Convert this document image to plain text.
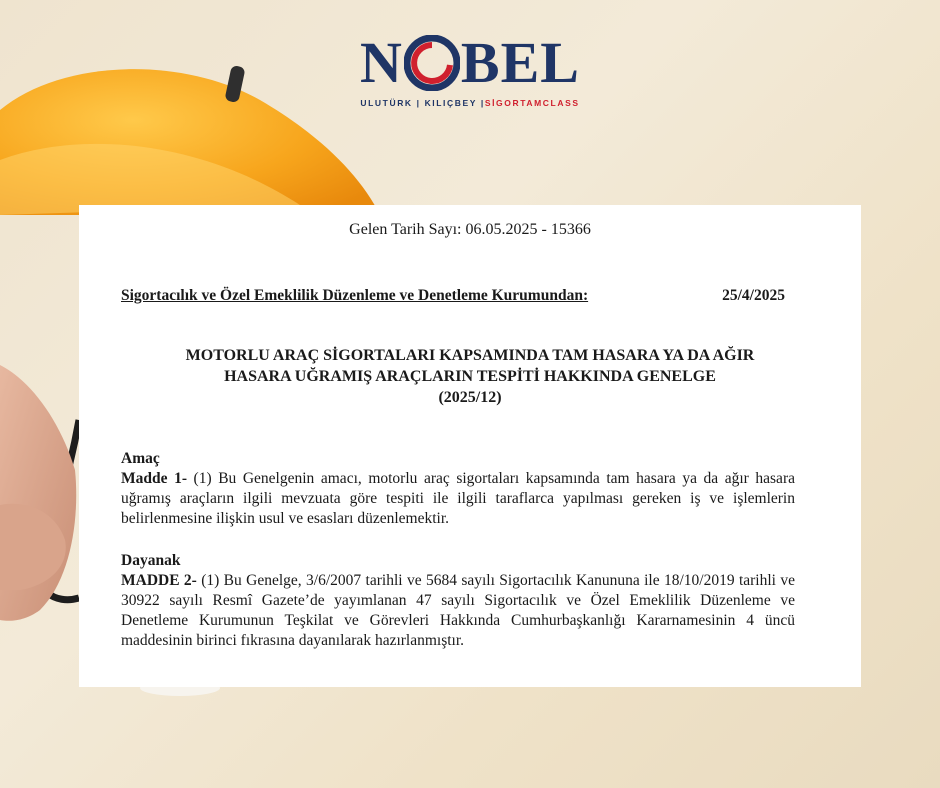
N BEL
ULUTÜRK | KILIÇBEY |SİGORTAMCLASS
Gelen Tarih Sayı: 06.05.2025 - 15366
Sigortacılık ve Özel Emeklilik Düzenleme ve Denetleme Kurumundan:	25/4/2025
MOTORLU ARAÇ SİGORTALARI KAPSAMINDA TAM HASARA YA DA AĞIR
HASARA UĞRAMIŞ ARAÇLARIN TESPİTİ HAKKINDA GENELGE
(2025/12)
Amaç

Madde 1- (1) Bu Genelgenin amacı, motorlu araç sigortaları kapsamında tam hasara ya da ağır hasara uğramış araçların ilgili mevzuata göre tespiti ile ilgili taraflarca yapılması gereken iş ve işlemlerin belirlenmesine ilişkin usul ve esasları düzenlemektir.

Dayanak

MADDE 2- (1) Bu Genelge, 3/6/2007 tarihli ve 5684 sayılı Sigortacılık Kanununa ile 18/10/2019 tarihli ve 30922 sayılı Resmî Gazete’de yayımlanan 47 sayılı Sigortacılık ve Özel Emeklilik Düzenleme ve Denetleme Kurumunun Teşkilat ve Görevleri Hakkında Cumhurbaşkanlığı Kararnamesinin 4 üncü maddesinin birinci fıkrasına dayanılarak hazırlanmıştır.
